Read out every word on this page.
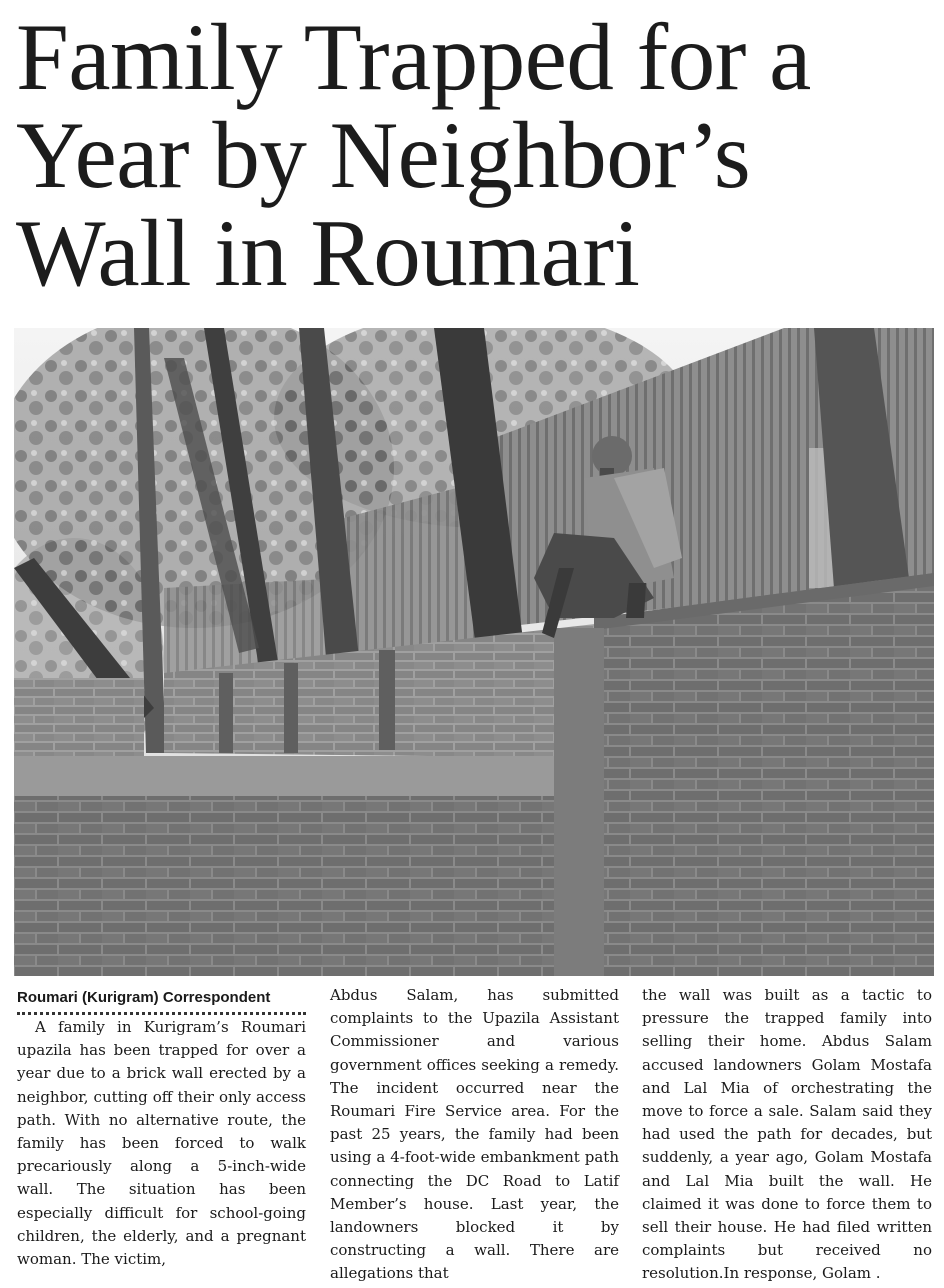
Family Trapped for a Year by Neighbor’s Wall in Roumari
Roumari (Kurigram) Correspondent

A family in Kurigram’s Roumari upazila has been trapped for over a year due to a brick wall erected by a neighbor, cutting off their only access path. With no alternative route, the family has been forced to walk precariously along a 5-inch-wide wall. The situation has been especially difficult for school-going children, the elderly, and a pregnant woman. The victim,

Abdus Salam, has submitted complaints to the Upazila Assistant Commissioner and various government offices seeking a remedy. The incident occurred near the Roumari Fire Service area. For the past 25 years, the family had been using a 4-foot-wide embankment path connecting the DC Road to Latif Member’s house. Last year, the landowners blocked it by constructing a wall. There are allegations that

the wall was built as a tactic to pressure the trapped family into selling their home. Abdus Salam accused landowners Golam Mostafa and Lal Mia of orchestrating the move to force a sale. Salam said they had used the path for decades, but suddenly, a year ago, Golam Mostafa and Lal Mia built the wall. He claimed it was done to force them to sell their house. He had filed written complaints but received no resolution.In response, Golam .
